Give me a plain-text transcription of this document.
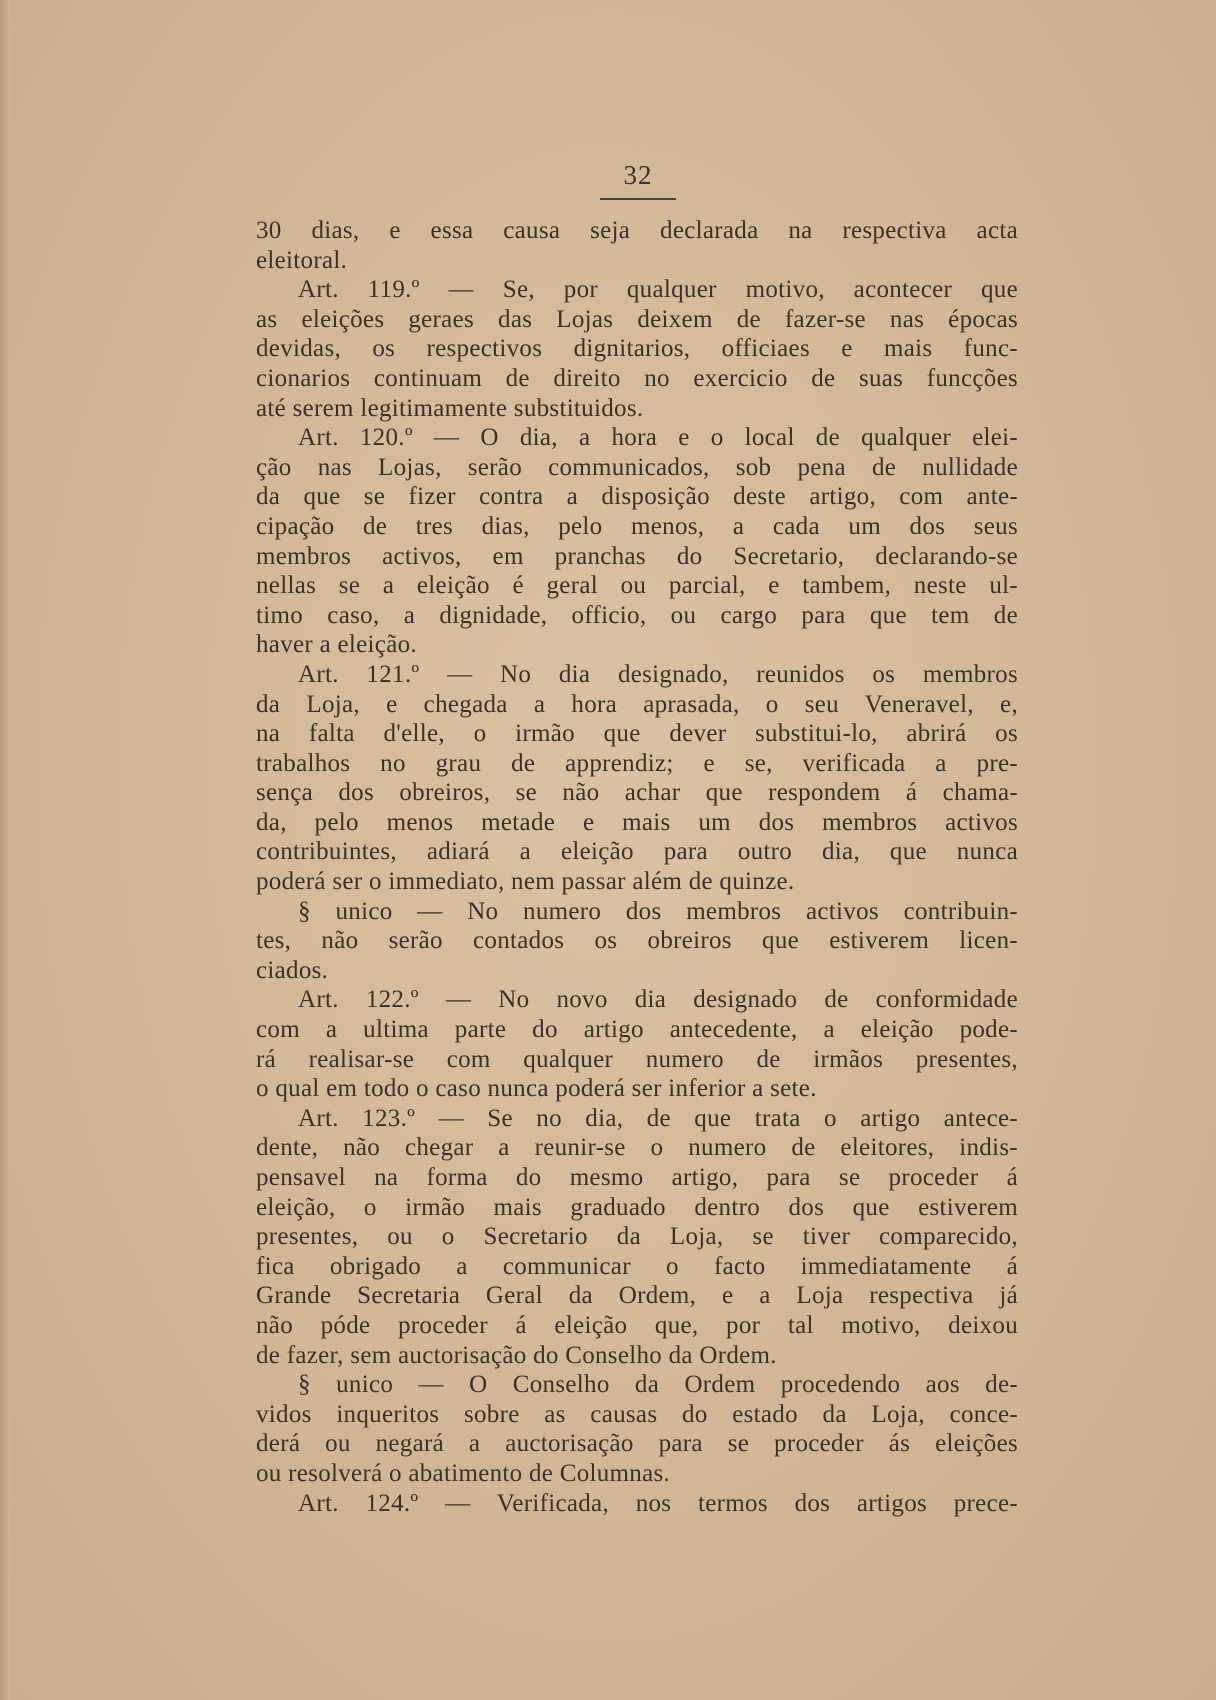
32
30 dias, e essa causa seja declarada na respectiva acta
eleitoral.
Art. 119.º — Se, por qualquer motivo, acontecer que
as eleições geraes das Lojas deixem de fazer-se nas épocas
devidas, os respectivos dignitarios, officiaes e mais func-
cionarios continuam de direito no exercicio de suas funcções
até serem legitimamente substituidos.
Art. 120.º — O dia, a hora e o local de qualquer elei-
ção nas Lojas, serão communicados, sob pena de nullidade
da que se fizer contra a disposição deste artigo, com ante-
cipação de tres dias, pelo menos, a cada um dos seus
membros activos, em pranchas do Secretario, declarando-se
nellas se a eleição é geral ou parcial, e tambem, neste ul-
timo caso, a dignidade, officio, ou cargo para que tem de
haver a eleição.
Art. 121.º — No dia designado, reunidos os membros
da Loja, e chegada a hora aprasada, o seu Veneravel, e,
na falta d'elle, o irmão que dever substitui-lo, abrirá os
trabalhos no grau de apprendiz; e se, verificada a pre-
sença dos obreiros, se não achar que respondem á chama-
da, pelo menos metade e mais um dos membros activos
contribuintes, adiará a eleição para outro dia, que nunca
poderá ser o immediato, nem passar além de quinze.
§ unico — No numero dos membros activos contribuin-
tes, não serão contados os obreiros que estiverem licen-
ciados.
Art. 122.º — No novo dia designado de conformidade
com a ultima parte do artigo antecedente, a eleição pode-
rá realisar-se com qualquer numero de irmãos presentes,
o qual em todo o caso nunca poderá ser inferior a sete.
Art. 123.º — Se no dia, de que trata o artigo antece-
dente, não chegar a reunir-se o numero de eleitores, indis-
pensavel na forma do mesmo artigo, para se proceder á
eleição, o irmão mais graduado dentro dos que estiverem
presentes, ou o Secretario da Loja, se tiver comparecido,
fica obrigado a communicar o facto immediatamente á
Grande Secretaria Geral da Ordem, e a Loja respectiva já
não póde proceder á eleição que, por tal motivo, deixou
de fazer, sem auctorisação do Conselho da Ordem.
§ unico — O Conselho da Ordem procedendo aos de-
vidos inqueritos sobre as causas do estado da Loja, conce-
derá ou negará a auctorisação para se proceder ás eleições
ou resolverá o abatimento de Columnas.
Art. 124.º — Verificada, nos termos dos artigos prece-
